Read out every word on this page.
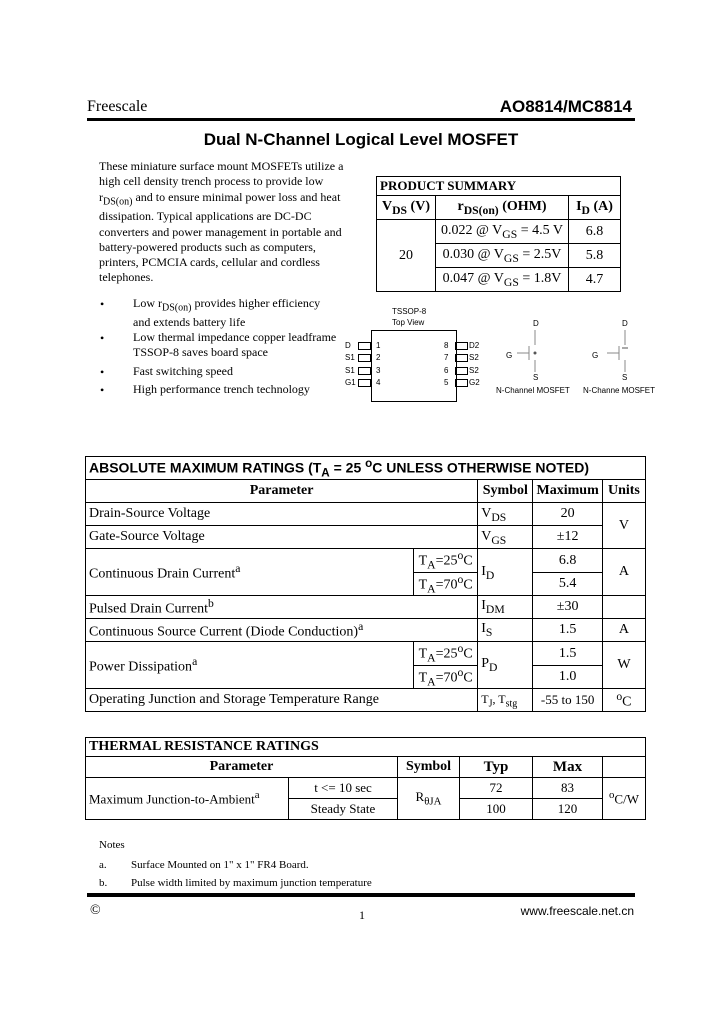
Freescale	AO8814/MC8814
Dual N-Channel Logical Level MOSFET
These miniature surface mount MOSFETs utilize a high cell density trench process to provide low $r_{DS(on)}$ and to ensure minimal power loss and heat dissipation. Typical applications are DC-DC converters and power management in portable and battery-powered products such as computers, printers, PCMCIA cards, cellular and cordless telephones.
• Low $r_{DS(on)}$ provides higher efficiency and extends battery life
• Low thermal impedance copper leadframe TSSOP-8 saves board space
• Fast switching speed
• High performance trench technology
PRODUCT SUMMARY		
$V_{DS}$ (V)	$r_{DS(on)}$ (OHM)	$I_D$ (A)
20	0.022 @ $V_{GS} = 4.5$ V	6.8
	0.030 @ $V_{GS} = 2.5V$	5.8
	0.047 @ $V_{GS} = 1.8V$	4.7
TSSOP-8
Top View
D	1
S1	2
S1	3
G1	4
8	D2
7	S2
6	S2
5	G2
D
G
S
N-Channel MOSFET
D
G
S
N-Channe MOSFET
ABSOLUTE MAXIMUM RATINGS ($T_A = 25$ $^o$C UNLESS OTHERWISE NOTED)				
Parameter		Symbol	Maximum	Units
Drain-Source Voltage		$V_{DS}$	20	V
Gate-Source Voltage		$V_{GS}$	±12	
Continuous Drain Current$^a$	$T_A=25^oC$	$I_D$	6.8	A
	$T_A=70^oC$		5.4	
Pulsed Drain Current$^b$		$I_{DM}$	±30	
Continuous Source Current (Diode Conduction)$^a$		$I_S$	1.5	A
Power Dissipation$^a$	$T_A=25^oC$	$P_D$	1.5	W
	$T_A=70^oC$		1.0	
Operating Junction and Storage Temperature Range		$T_J$, $T_{stg}$	-55 to 150	$^o$C
THERMAL RESISTANCE RATINGS					
Parameter		Symbol	Typ	Max	
Maximum Junction-to-Ambient$^a$	t <= 10 sec	$R_{\theta JA}$	72	83	$^o$C/W
	Steady State		100	120	
Notes
a. Surface Mounted on 1" x 1" FR4 Board.
b. Pulse width limited by maximum junction temperature
©	1	www.freescale.net.cn
